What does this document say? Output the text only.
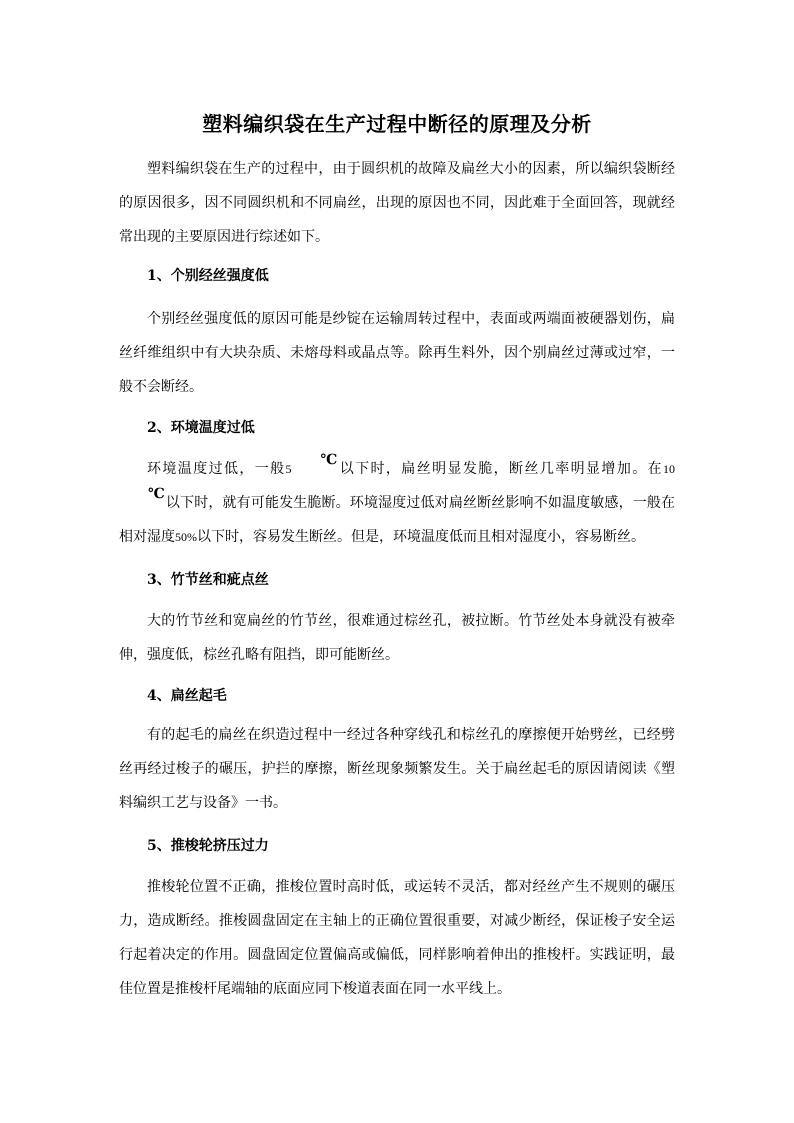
塑料编织袋在生产过程中断径的原理及分析
塑料编织袋在生产的过程中，由于圆织机的故障及扁丝大小的因素，所以编织袋断经的原因很多，因不同圆织机和不同扁丝，出现的原因也不同，因此难于全面回答，现就经常出现的主要原因进行综述如下。
1、个别经丝强度低
个别经丝强度低的原因可能是纱锭在运输周转过程中，表面或两端面被硬器划伤，扁丝纤维组织中有大块杂质、未熔母料或晶点等。除再生料外，因个别扁丝过薄或过窄，一般不会断经。
2、环境温度过低
环境温度过低，一般5℃以下时，扁丝明显发脆，断丝几率明显增加。在10℃以下时，就有可能发生脆断。环境湿度过低对扁丝断丝影响不如温度敏感，一般在相对湿度50%以下时，容易发生断丝。但是，环境温度低而且相对湿度小，容易断丝。
3、竹节丝和疵点丝
大的竹节丝和宽扁丝的竹节丝，很难通过棕丝孔，被拉断。竹节丝处本身就没有被牵伸，强度低，棕丝孔略有阻挡，即可能断丝。
4、扁丝起毛
有的起毛的扁丝在织造过程中一经过各种穿线孔和棕丝孔的摩擦便开始劈丝，已经劈丝再经过梭子的碾压，护拦的摩擦，断丝现象频繁发生。关于扁丝起毛的原因请阅读《塑料编织工艺与设备》一书。
5、推梭轮挤压过力
推梭轮位置不正确，推梭位置时高时低，或运转不灵活，都对经丝产生不规则的碾压力，造成断经。推梭圆盘固定在主轴上的正确位置很重要，对减少断经，保证梭子安全运行起着决定的作用。圆盘固定位置偏高或偏低，同样影响着伸出的推梭杆。实践证明，最佳位置是推梭杆尾端轴的底面应同下梭道表面在同一水平线上。
